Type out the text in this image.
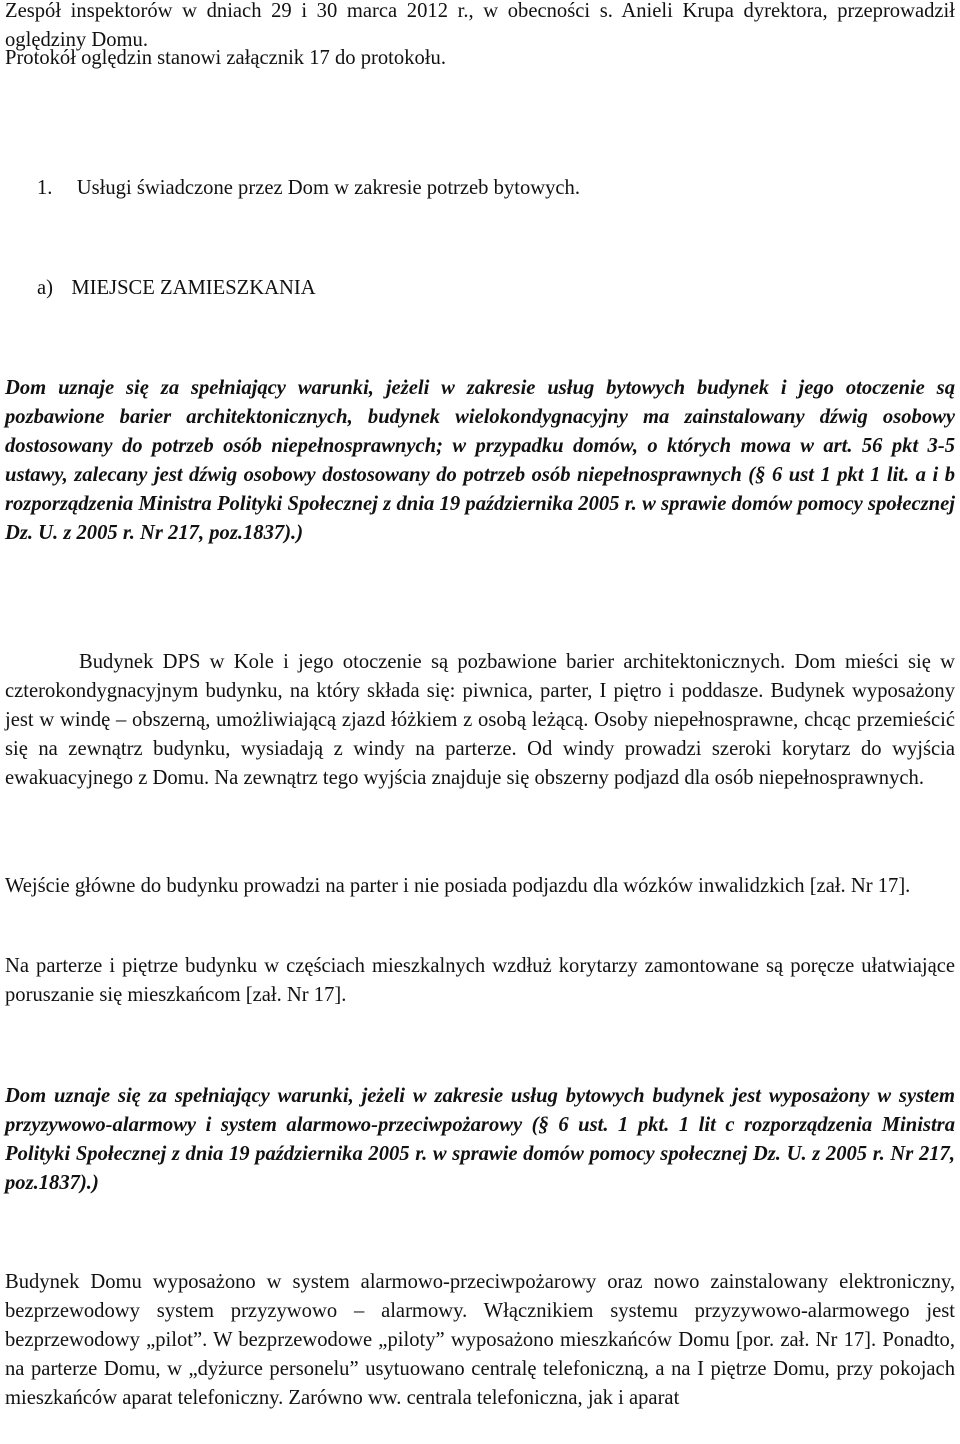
Zespół inspektorów w dniach 29 i 30 marca 2012 r., w obecności s. Anieli Krupa dyrektora, przeprowadził oględziny Domu.

Protokół oględzin stanowi załącznik 17 do protokołu.

1. Usługi świadczone przez Dom w zakresie potrzeb bytowych.

a) MIEJSCE ZAMIESZKANIA

Dom uznaje się za spełniający warunki, jeżeli w zakresie usług bytowych budynek i jego otoczenie są pozbawione barier architektonicznych, budynek wielokondygnacyjny ma zainstalowany dźwig osobowy dostosowany do potrzeb osób niepełnosprawnych; w przypadku domów, o których mowa w art. 56 pkt 3-5 ustawy, zalecany jest dźwig osobowy dostosowany do potrzeb osób niepełnosprawnych (§ 6 ust 1 pkt 1 lit. a i b rozporządzenia Ministra Polityki Społecznej z dnia 19 października 2005 r. w sprawie domów pomocy społecznej Dz. U. z 2005 r. Nr 217, poz.1837).)

Budynek DPS w Kole i jego otoczenie są pozbawione barier architektonicznych. Dom mieści się w czterokondygnacyjnym budynku, na który składa się: piwnica, parter, I piętro i poddasze. Budynek wyposażony jest w windę – obszerną, umożliwiającą zjazd łóżkiem z osobą leżącą. Osoby niepełnosprawne, chcąc przemieścić się na zewnątrz budynku, wysiadają z windy na parterze. Od windy prowadzi szeroki korytarz do wyjścia ewakuacyjnego z Domu. Na zewnątrz tego wyjścia znajduje się obszerny podjazd dla osób niepełnosprawnych.

Wejście główne do budynku prowadzi na parter i nie posiada podjazdu dla wózków inwalidzkich [zał. Nr 17].

Na parterze i piętrze budynku w częściach mieszkalnych wzdłuż korytarzy zamontowane są poręcze ułatwiające poruszanie się mieszkańcom [zał. Nr 17].

Dom uznaje się za spełniający warunki, jeżeli w zakresie usług bytowych budynek jest wyposażony w system przyzywowo-alarmowy i system alarmowo-przeciwpożarowy (§ 6 ust. 1 pkt. 1 lit c rozporządzenia Ministra Polityki Społecznej z dnia 19 października 2005 r. w sprawie domów pomocy społecznej Dz. U. z 2005 r. Nr 217, poz.1837).)

Budynek Domu wyposażono w system alarmowo-przeciwpożarowy oraz nowo zainstalowany elektroniczny, bezprzewodowy system przyzywowo – alarmowy. Włącznikiem systemu przyzywowo-alarmowego jest bezprzewodowy „pilot”. W bezprzewodowe „piloty” wyposażono mieszkańców Domu [por. zał. Nr 17]. Ponadto, na parterze Domu, w „dyżurce personelu” usytuowano centralę telefoniczną, a na I piętrze Domu, przy pokojach mieszkańców aparat telefoniczny. Zarówno ww. centrala telefoniczna, jak i aparat
